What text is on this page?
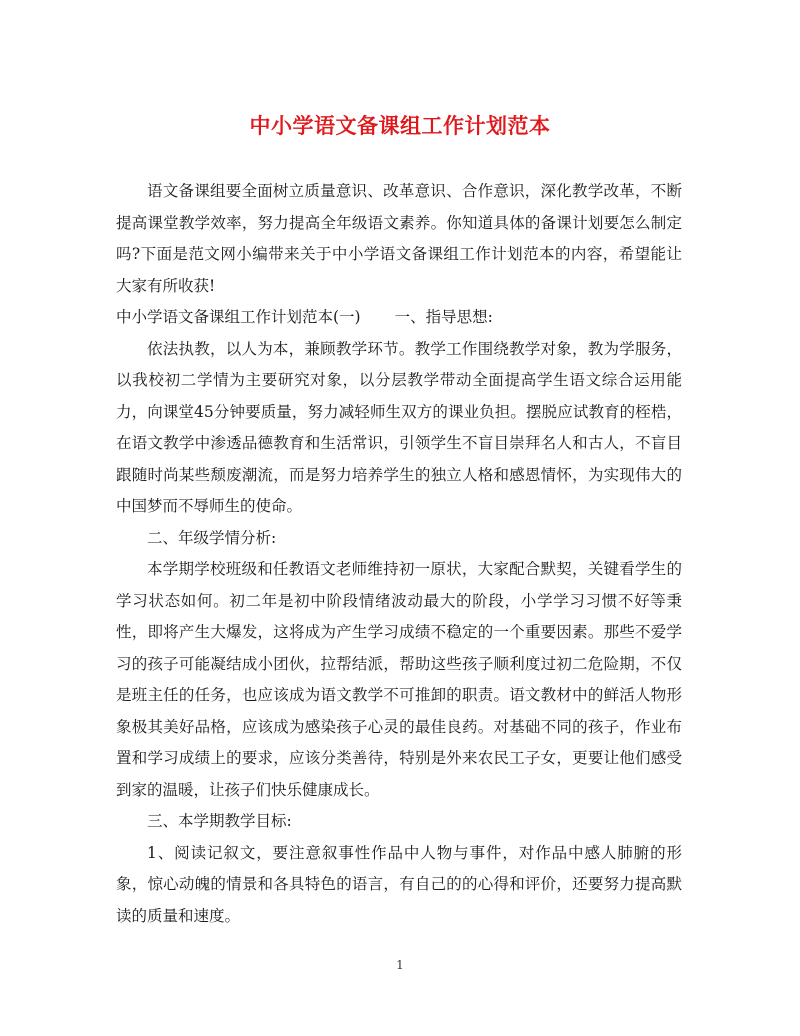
中小学语文备课组工作计划范本

语文备课组要全面树立质量意识、改革意识、合作意识，深化教学改革，不断提高课堂教学效率，努力提高全年级语文素养。你知道具体的备课计划要怎么制定吗?下面是范文网小编带来关于中小学语文备课组工作计划范本的内容，希望能让大家有所收获!

中小学语文备课组工作计划范本(一) 一、指导思想:

依法执教，以人为本，兼顾教学环节。教学工作围绕教学对象，教为学服务，以我校初二学情为主要研究对象，以分层教学带动全面提高学生语文综合运用能力，向课堂45分钟要质量，努力减轻师生双方的课业负担。摆脱应试教育的桎梏，在语文教学中渗透品德教育和生活常识，引领学生不盲目崇拜名人和古人，不盲目跟随时尚某些颓废潮流，而是努力培养学生的独立人格和感恩情怀，为实现伟大的中国梦而不辱师生的使命。

二、年级学情分析:

本学期学校班级和任教语文老师维持初一原状，大家配合默契，关键看学生的学习状态如何。初二年是初中阶段情绪波动最大的阶段，小学学习习惯不好等秉性，即将产生大爆发，这将成为产生学习成绩不稳定的一个重要因素。那些不爱学习的孩子可能凝结成小团伙，拉帮结派，帮助这些孩子顺利度过初二危险期，不仅是班主任的任务，也应该成为语文教学不可推卸的职责。语文教材中的鲜活人物形象极其美好品格，应该成为感染孩子心灵的最佳良药。对基础不同的孩子，作业布置和学习成绩上的要求，应该分类善待，特别是外来农民工子女，更要让他们感受到家的温暖，让孩子们快乐健康成长。

三、本学期教学目标:

1、阅读记叙文，要注意叙事性作品中人物与事件，对作品中感人肺腑的形象，惊心动魄的情景和各具特色的语言，有自己的的心得和评价，还要努力提高默读的质量和速度。

1
